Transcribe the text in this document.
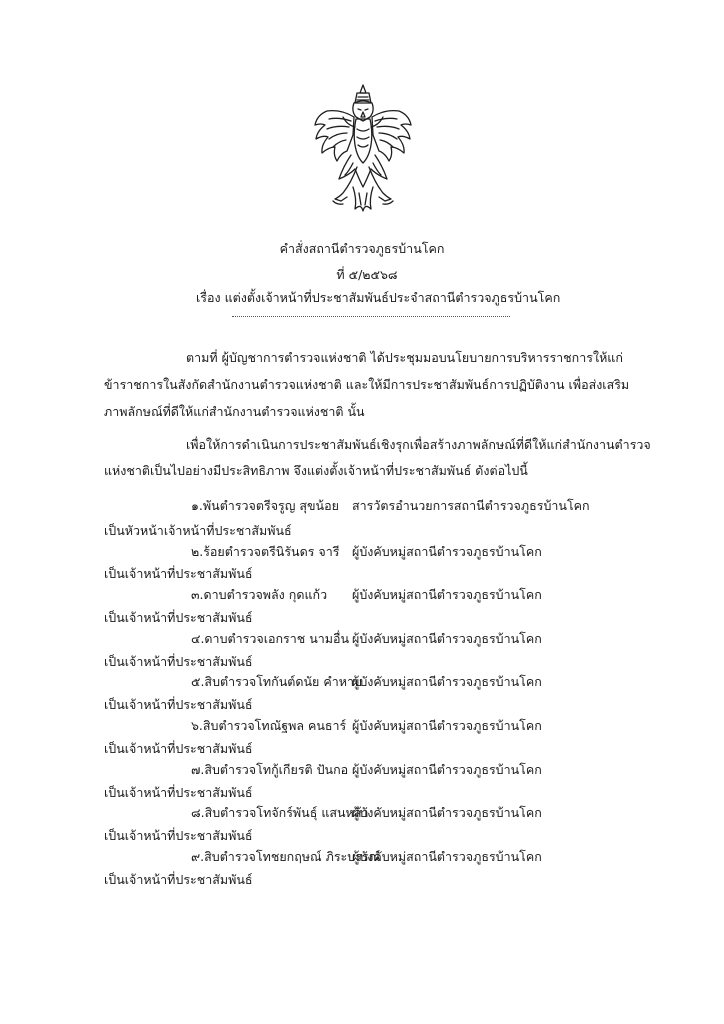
คำสั่งสถานีตำรวจภูธรบ้านโคก
ที่ ๕/๒๕๖๘
เรื่อง แต่งตั้งเจ้าหน้าที่ประชาสัมพันธ์ประจำสถานีตำรวจภูธรบ้านโคก
ตามที่ ผู้บัญชาการตำรวจแห่งชาติ ได้ประชุมมอบนโยบายการบริหารราชการให้แก่
ข้าราชการในสังกัดสำนักงานตำรวจแห่งชาติ และให้มีการประชาสัมพันธ์การปฏิบัติงาน เพื่อส่งเสริม
ภาพลักษณ์ที่ดีให้แก่สำนักงานตำรวจแห่งชาติ นั้น
เพื่อให้การดำเนินการประชาสัมพันธ์เชิงรุกเพื่อสร้างภาพลักษณ์ที่ดีให้แก่สำนักงานตำรวจ
แห่งชาติเป็นไปอย่างมีประสิทธิภาพ จึงแต่งตั้งเจ้าหน้าที่ประชาสัมพันธ์ ดังต่อไปนี้
๑.พันตำรวจตรีจรูญ สุขน้อย สารวัตรอำนวยการสถานีตำรวจภูธรบ้านโคก
เป็นหัวหน้าเจ้าหน้าที่ประชาสัมพันธ์
๒.ร้อยตำรวจตรีนิรันดร จารี ผู้บังคับหมู่สถานีตำรวจภูธรบ้านโคก
เป็นเจ้าหน้าที่ประชาสัมพันธ์
๓.ดาบตำรวจพลัง กุดแก้ว ผู้บังคับหมู่สถานีตำรวจภูธรบ้านโคก
เป็นเจ้าหน้าที่ประชาสัมพันธ์
๔.ดาบตำรวจเอกราช นามอื่น ผู้บังคับหมู่สถานีตำรวจภูธรบ้านโคก
เป็นเจ้าหน้าที่ประชาสัมพันธ์
๕.สิบตำรวจโทกันต์ดนัย คำหาบ
ผู้บังคับหมู่สถานีตำรวจภูธรบ้านโคก
เป็นเจ้าหน้าที่ประชาสัมพันธ์
๖.สิบตำรวจโทณัฐพล คนธาร์ ผู้บังคับหมู่สถานีตำรวจภูธรบ้านโคก
เป็นเจ้าหน้าที่ประชาสัมพันธ์
๗.สิบตำรวจโทกู้เกียรติ ปันกอ ผู้บังคับหมู่สถานีตำรวจภูธรบ้านโคก
เป็นเจ้าหน้าที่ประชาสัมพันธ์
๘.สิบตำรวจโทจักร์พันธุ์ แสนหล้า
ผู้บังคับหมู่สถานีตำรวจภูธรบ้านโคก
เป็นเจ้าหน้าที่ประชาสัมพันธ์
๙.สิบตำรวจโทชยกฤษณ์ ภิระบรรณ์
ผู้บังคับหมู่สถานีตำรวจภูธรบ้านโคก
เป็นเจ้าหน้าที่ประชาสัมพันธ์
